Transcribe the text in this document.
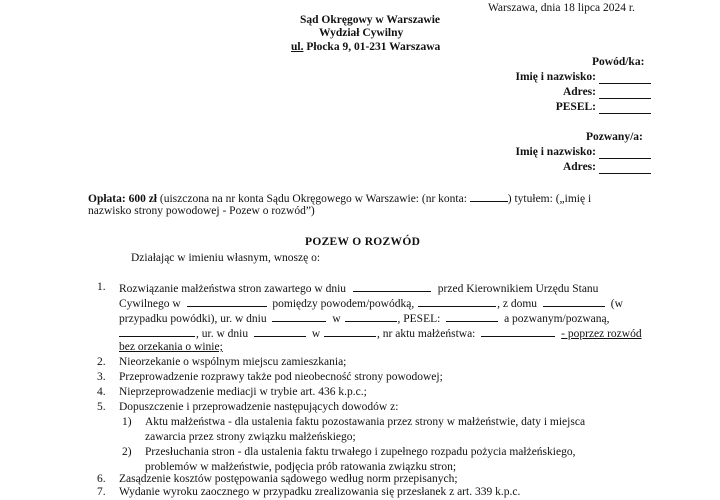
Warszawa, dnia 18 lipca 2024 r.
Sąd Okręgowy w Warszawie
Wydział Cywilny
ul. Płocka 9, 01-231 Warszawa
Powód/ka:
Imię i nazwisko:
Adres:
PESEL:
Pozwany/a:
Imię i nazwisko:
Adres:
Opłata: 600 zł (uiszczona na nr konta Sądu Okręgowego w Warszawie: (nr konta:	) tytułem: („imię i
nazwisko strony powodowej - Pozew o rozwód”)
POZEW O ROZWÓD
Działając w imieniu własnym, wnoszę o:
1. Rozwiązanie małżeństwa stron zawartego w dniu	przed Kierownikiem Urzędu Stanu
Cywilnego w	pomiędzy powodem/powódką,	, z domu	(w
przypadku powódki), ur. w dniu	w	, PESEL:	a pozwanym/pozwaną,
, ur. w dniu	w	, nr aktu małżeństwa:	- poprzez rozwód
bez orzekania o winie;
2. Nieorzekanie o wspólnym miejscu zamieszkania;
3. Przeprowadzenie rozprawy także pod nieobecność strony powodowej;
4. Nieprzeprowadzenie mediacji w trybie art. 436 k.p.c.;
5. Dopuszczenie i przeprowadzenie następujących dowodów z:
1) Aktu małżeństwa - dla ustalenia faktu pozostawania przez strony w małżeństwie, daty i miejsca
zawarcia przez strony związku małżeńskiego;
2) Przesłuchania stron - dla ustalenia faktu trwałego i zupełnego rozpadu pożycia małżeńskiego,
problemów w małżeństwie, podjęcia prób ratowania związku stron;
6. Zasądzenie kosztów postępowania sądowego według norm przepisanych;
7. Wydanie wyroku zaocznego w przypadku zrealizowania się przesłanek z art. 339 k.p.c.
